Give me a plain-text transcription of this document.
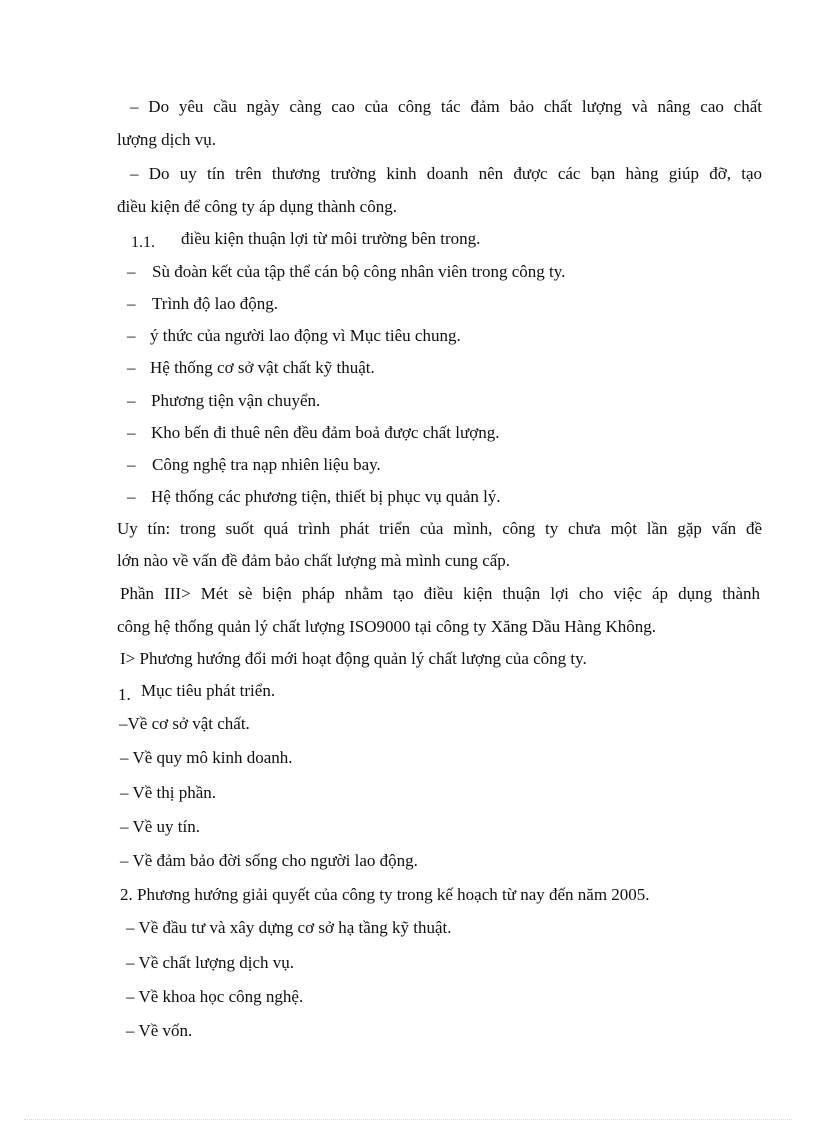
– Do yêu cầu ngày càng cao của công tác đảm bảo chất lượng và nâng cao chất

lượng dịch vụ.

– Do uy tín trên thương trường kinh doanh nên được các bạn hàng giúp đỡ, tạo

điều kiện để công ty áp dụng thành công.

1.1. điều kiện thuận lợi từ môi trường bên trong.

– Sù đoàn kết của tập thể cán bộ công nhân viên trong công ty.

– Trình độ lao động.

– ý thức của người lao động vì Mục tiêu chung.

– Hệ thống cơ sở vật chất kỹ thuật.

– Phương tiện vận chuyển.

– Kho bến đi thuê nên đều đảm boả được chất lượng.

– Công nghệ tra nạp nhiên liệu bay.

– Hệ thống các phương tiện, thiết bị phục vụ quản lý.

Uy tín: trong suốt quá trình phát triển của mình, công ty chưa một lần gặp vấn đề

lớn nào về vấn đề đảm bảo chất lượng mà mình cung cấp.

Phần III> Mét sè biện pháp nhằm tạo điều kiện thuận lợi cho việc áp dụng thành

công hệ thống quản lý chất lượng ISO9000 tại công ty Xăng Dầu Hàng Không.

I> Phương hướng đổi mới hoạt động quản lý chất lượng của công ty.

1. Mục tiêu phát triển.

–Về cơ sở vật chất.

– Về quy mô kinh doanh.

– Về thị phần.

– Về uy tín.

– Về đảm bảo đời sống cho người lao động.

2. Phương hướng giải quyết của công ty trong kế hoạch từ nay đến năm 2005.

– Về đầu tư và xây dựng cơ sở hạ tầng kỹ thuật.

– Về chất lượng dịch vụ.

– Về khoa học công nghệ.

– Về vốn.
